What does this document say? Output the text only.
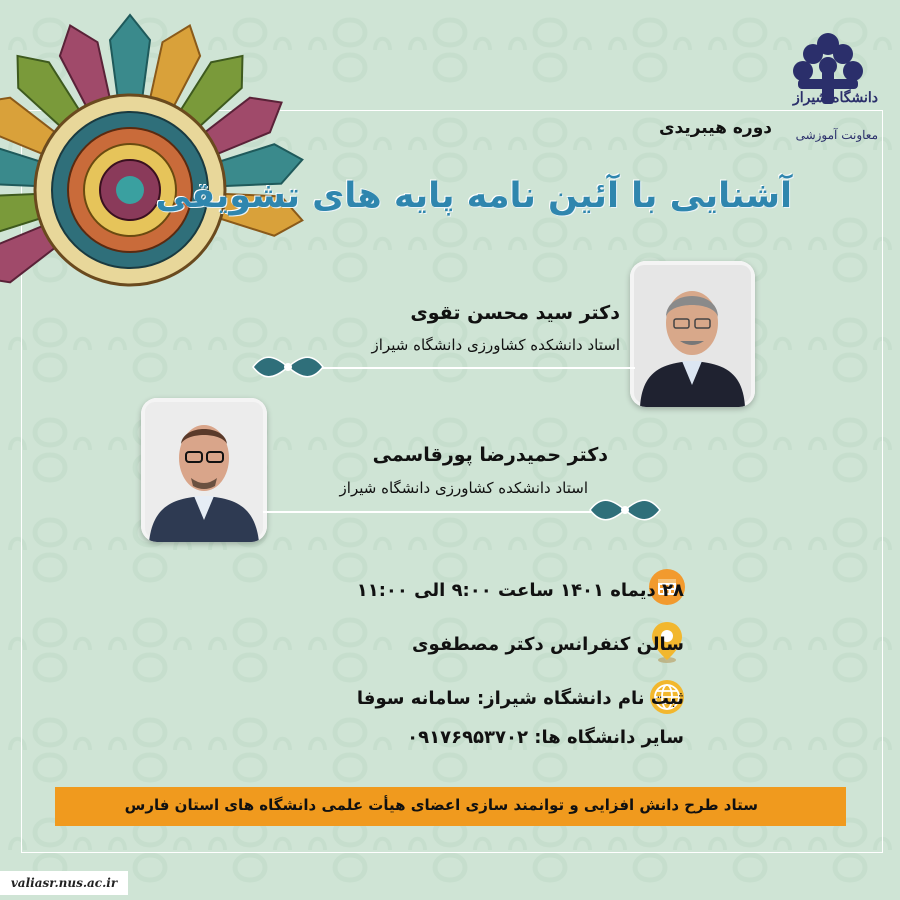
دانشگاه شیراز
معاونت آموزشی
دوره هیبریدی
آشنایی با آئین نامه پایه های تشویقی
دکتر سید محسن تقوی
استاد دانشکده کشاورزی دانشگاه شیراز
دکتر حمیدرضا پورقاسمی
استاد دانشکده کشاورزی دانشگاه شیراز
۲۸ دیماه ۱۴۰۱ ساعت ۹:۰۰ الی ۱۱:۰۰
سالن کنفرانس دکتر مصطفوی
ثبت نام دانشگاه شیراز: سامانه سوفا
سایر دانشگاه ها: ۰۹۱۷۶۹۵۳۷۰۲
ستاد طرح دانش افزایی و توانمند سازی اعضای هیأت علمی دانشگاه های استان فارس
valiasr.nus.ac.ir
